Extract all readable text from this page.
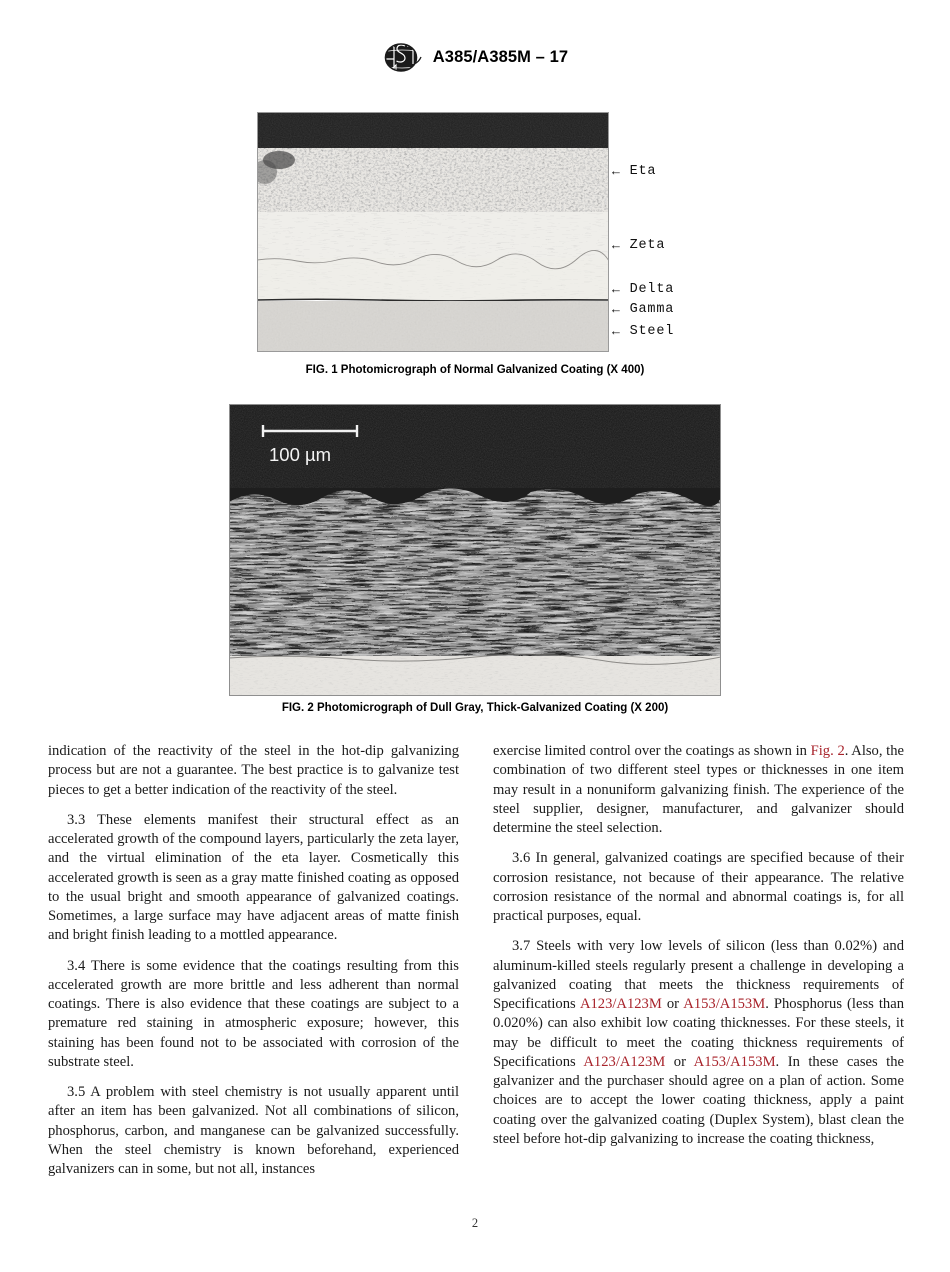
A385/A385M – 17
← Eta
← Zeta
← Delta
← Gamma
← Steel
FIG. 1 Photomicrograph of Normal Galvanized Coating (X 400)
100 µm
FIG. 2 Photomicrograph of Dull Gray, Thick-Galvanized Coating (X 200)

indication of the reactivity of the steel in the hot-dip galvanizing process but are not a guarantee. The best practice is to galvanize test pieces to get a better indication of the reactivity of the steel.

3.3 These elements manifest their structural effect as an accelerated growth of the compound layers, particularly the zeta layer, and the virtual elimination of the eta layer. Cosmetically this accelerated growth is seen as a gray matte finished coating as opposed to the usual bright and smooth appearance of galvanized coatings. Sometimes, a large surface may have adjacent areas of matte finish and bright finish leading to a mottled appearance.

3.4 There is some evidence that the coatings resulting from this accelerated growth are more brittle and less adherent than normal coatings. There is also evidence that these coatings are subject to a premature red staining in atmospheric exposure; however, this staining has been found not to be associated with corrosion of the substrate steel.

3.5 A problem with steel chemistry is not usually apparent until after an item has been galvanized. Not all combinations of silicon, phosphorus, carbon, and manganese can be galvanized successfully. When the steel chemistry is known beforehand, experienced galvanizers can in some, but not all, instances

exercise limited control over the coatings as shown in Fig. 2. Also, the combination of two different steel types or thicknesses in one item may result in a nonuniform galvanizing finish. The experience of the steel supplier, designer, manufacturer, and galvanizer should determine the steel selection.

3.6 In general, galvanized coatings are specified because of their corrosion resistance, not because of their appearance. The relative corrosion resistance of the normal and abnormal coatings is, for all practical purposes, equal.

3.7 Steels with very low levels of silicon (less than 0.02%) and aluminum-killed steels regularly present a challenge in developing a galvanized coating that meets the thickness requirements of Specifications A123/A123M or A153/A153M. Phosphorus (less than 0.020%) can also exhibit low coating thicknesses. For these steels, it may be difficult to meet the coating thickness requirements of Specifications A123/A123M or A153/A153M. In these cases the galvanizer and the purchaser should agree on a plan of action. Some choices are to accept the lower coating thickness, apply a paint coating over the galvanized coating (Duplex System), blast clean the steel before hot-dip galvanizing to increase the coating thickness,

2
